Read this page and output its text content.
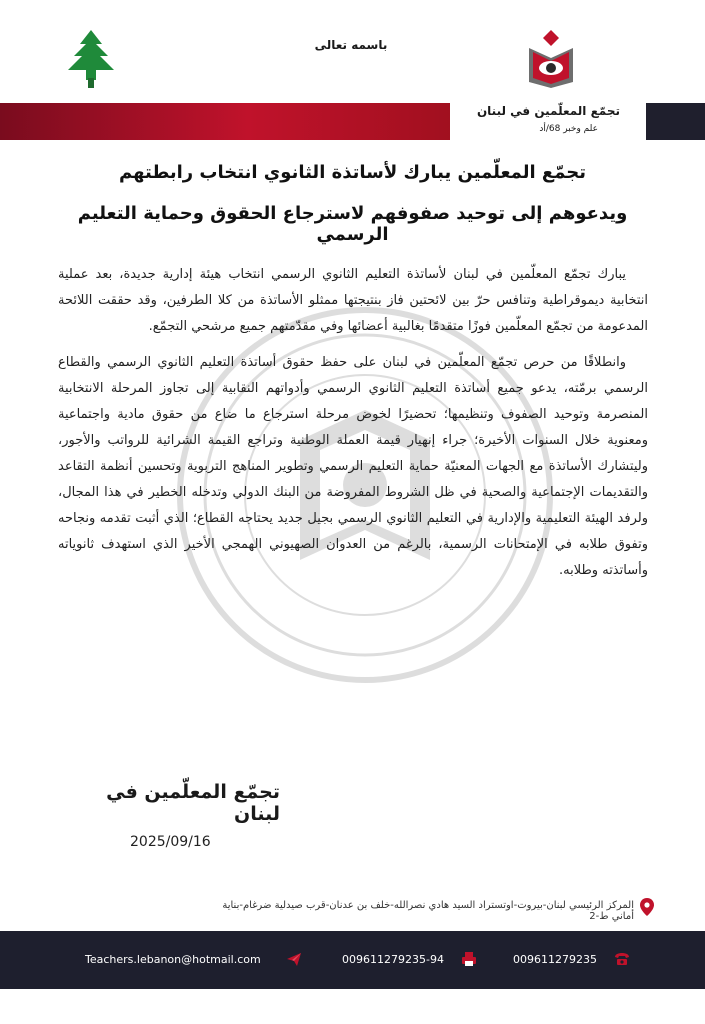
باسمه تعالى
تجمّع المعلّمين في لبنان
علم وخبر 68/أد
تجمّع المعلّمين يبارك لأساتذة الثانوي انتخاب رابطتهم
ويدعوهم إلى توحيد صفوفهم لاسترجاع الحقوق وحماية التعليم الرسمي

يبارك تجمّع المعلّمين في لبنان لأساتذة التعليم الثانوي الرسمي انتخاب هيئة إدارية جديدة، بعد عملية انتخابية ديموقراطية وتنافس حرّ بين لائحتين فاز بنتيجتها ممثلو الأساتذة من كلا الطرفين، وقد حققت اللائحة المدعومة من تجمّع المعلّمين فوزًا متقدمًا بغالبية أعضائها وفي مقدّمتهم جميع مرشحي التجمّع.

وانطلاقًا من حرص تجمّع المعلّمين في لبنان على حفظ حقوق أساتذة التعليم الثانوي الرسمي والقطاع الرسمي برمّته، يدعو جميع أساتذة التعليم الثانوي الرسمي وأدواتهم النقابية إلى تجاوز المرحلة الانتخابية المنصرمة وتوحيد الصفوف وتنظيمها؛ تحضيرًا لخوض مرحلة استرجاع ما ضاع من حقوق مادية واجتماعية ومعنوية خلال السنوات الأخيرة؛ جراء إنهيار قيمة العملة الوطنية وتراجع القيمة الشرائية للرواتب والأجور، وليتشارك الأساتذة مع الجهات المعنيّة حماية التعليم الرسمي وتطوير المناهج التربوية وتحسين أنظمة التقاعد والتقديمات الإجتماعية والصحية في ظل الشروط المفروضة من البنك الدولي وتدخله الخطير في هذا المجال، ولرفد الهيئة التعليمية والإدارية في التعليم الثانوي الرسمي بجيل جديد يحتاجه القطاع؛ الذي أثبت تقدمه ونجاحه وتفوق طلابه في الإمتحانات الرسمية، بالرغم من العدوان الصهيوني الهمجي الأخير الذي استهدف ثانوياته وأساتذته وطلابه.

تجمّع المعلّمين في لبنان
2025/09/16
المركز الرئيسي لبنان-بيروت-اوتستراد السيد هادي نصرالله-خلف بن عدنان-قرب صيدلية ضرغام-بناية أماني ط-2
Teachers.lebanon@hotmail.com	009611279235-94	009611279235
